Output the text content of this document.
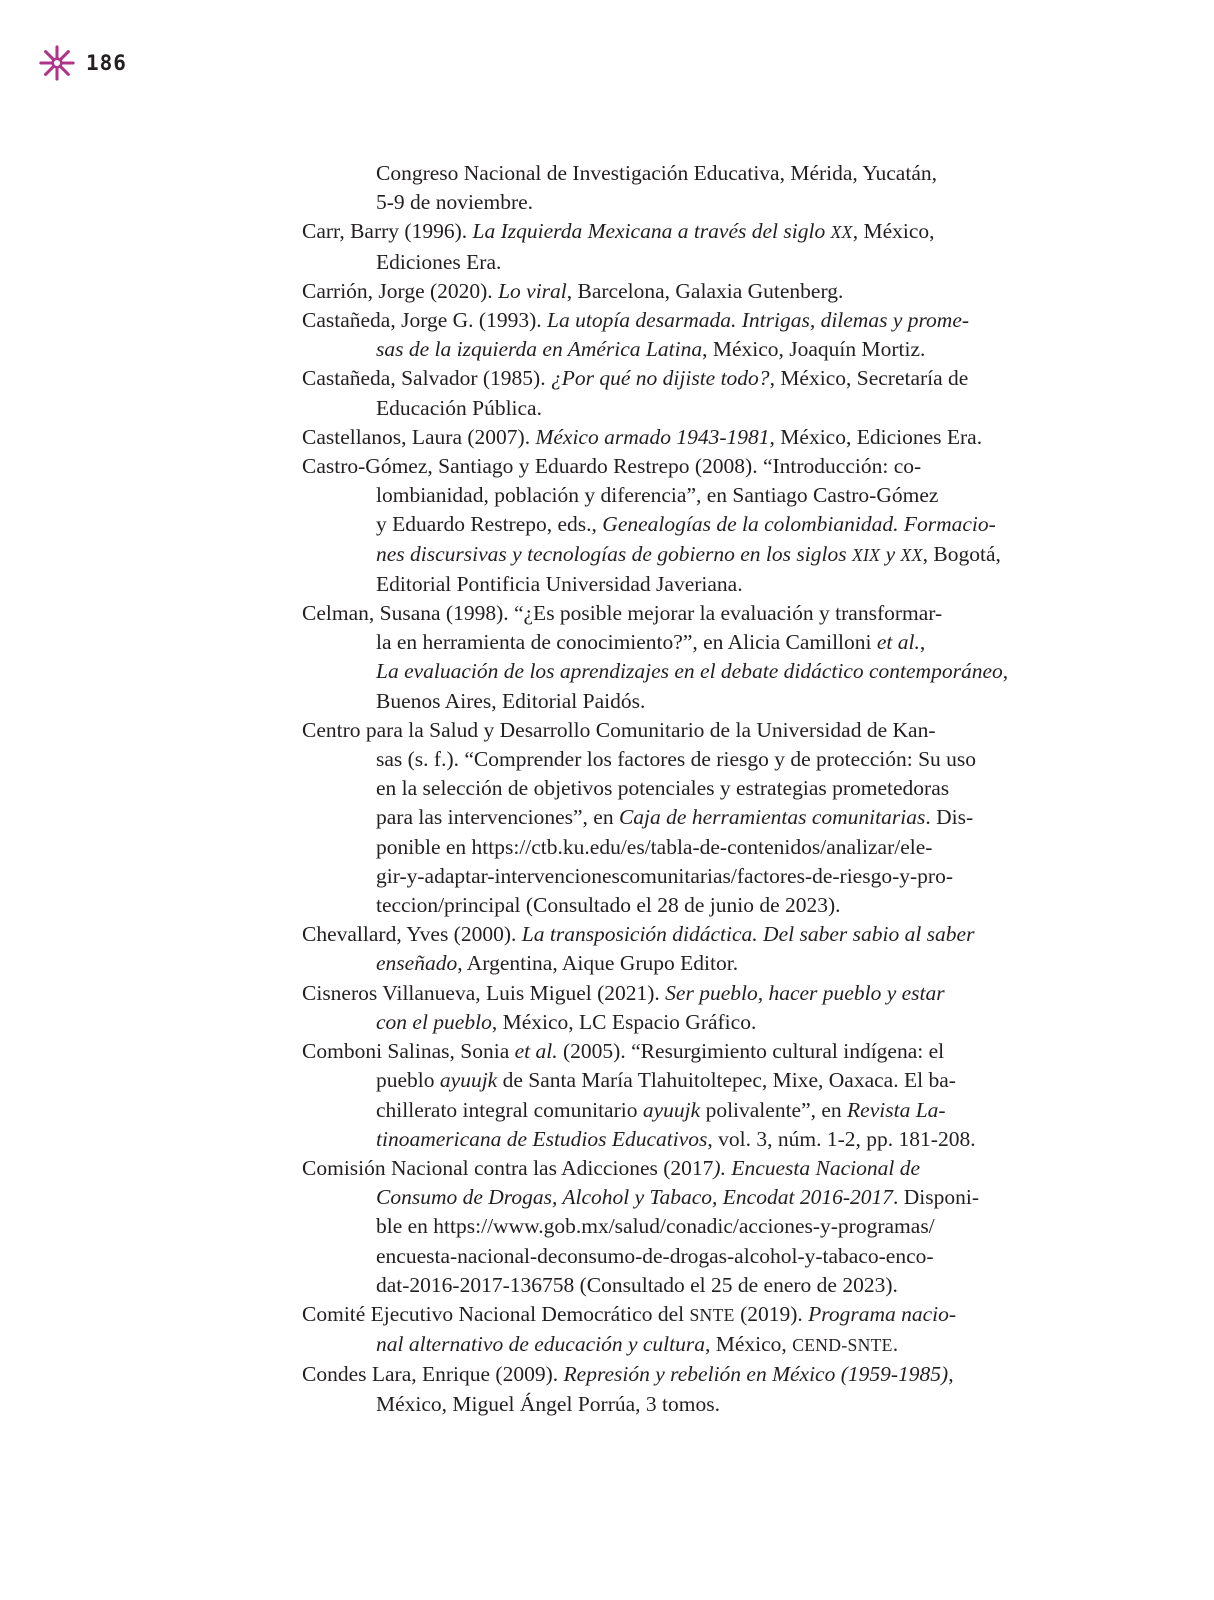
186
Congreso Nacional de Investigación Educativa, Mérida, Yucatán,
5-9 de noviembre.
Carr, Barry (1996). La Izquierda Mexicana a través del siglo XX, México,
Ediciones Era.
Carrión, Jorge (2020). Lo viral, Barcelona, Galaxia Gutenberg.
Castañeda, Jorge G. (1993). La utopía desarmada. Intrigas, dilemas y prome-
sas de la izquierda en América Latina, México, Joaquín Mortiz.
Castañeda, Salvador (1985). ¿Por qué no dijiste todo?, México, Secretaría de
Educación Pública.
Castellanos, Laura (2007). México armado 1943-1981, México, Ediciones Era.
Castro-Gómez, Santiago y Eduardo Restrepo (2008). “Introducción: co-
lombianidad, población y diferencia”, en Santiago Castro-Gómez
y Eduardo Restrepo, eds., Genealogías de la colombianidad. Formacio-
nes discursivas y tecnologías de gobierno en los siglos XIX y XX, Bogotá,
Editorial Pontificia Universidad Javeriana.
Celman, Susana (1998). “¿Es posible mejorar la evaluación y transformar-
la en herramienta de conocimiento?”, en Alicia Camilloni et al.,
La evaluación de los aprendizajes en el debate didáctico contemporáneo,
Buenos Aires, Editorial Paidós.
Centro para la Salud y Desarrollo Comunitario de la Universidad de Kan-
sas (s. f.). “Comprender los factores de riesgo y de protección: Su uso
en la selección de objetivos potenciales y estrategias prometedoras
para las intervenciones”, en Caja de herramientas comunitarias. Dis-
ponible en https://ctb.ku.edu/es/tabla-de-contenidos/analizar/ele-
gir-y-adaptar-intervencionescomunitarias/factores-de-riesgo-y-pro-
teccion/principal (Consultado el 28 de junio de 2023).
Chevallard, Yves (2000). La transposición didáctica. Del saber sabio al saber
enseñado, Argentina, Aique Grupo Editor.
Cisneros Villanueva, Luis Miguel (2021). Ser pueblo, hacer pueblo y estar
con el pueblo, México, LC Espacio Gráfico.
Comboni Salinas, Sonia et al. (2005). “Resurgimiento cultural indígena: el
pueblo ayuujk de Santa María Tlahuitoltepec, Mixe, Oaxaca. El ba-
chillerato integral comunitario ayuujk polivalente”, en Revista La-
tinoamericana de Estudios Educativos, vol. 3, núm. 1-2, pp. 181-208.
Comisión Nacional contra las Adicciones (2017). Encuesta Nacional de
Consumo de Drogas, Alcohol y Tabaco, Encodat 2016-2017. Disponi-
ble en https://www.gob.mx/salud/conadic/acciones-y-programas/
encuesta-nacional-deconsumo-de-drogas-alcohol-y-tabaco-enco-
dat-2016-2017-136758 (Consultado el 25 de enero de 2023).
Comité Ejecutivo Nacional Democrático del SNTE (2019). Programa nacio-
nal alternativo de educación y cultura, México, CEND-SNTE.
Condes Lara, Enrique (2009). Represión y rebelión en México (1959-1985),
México, Miguel Ángel Porrúa, 3 tomos.
